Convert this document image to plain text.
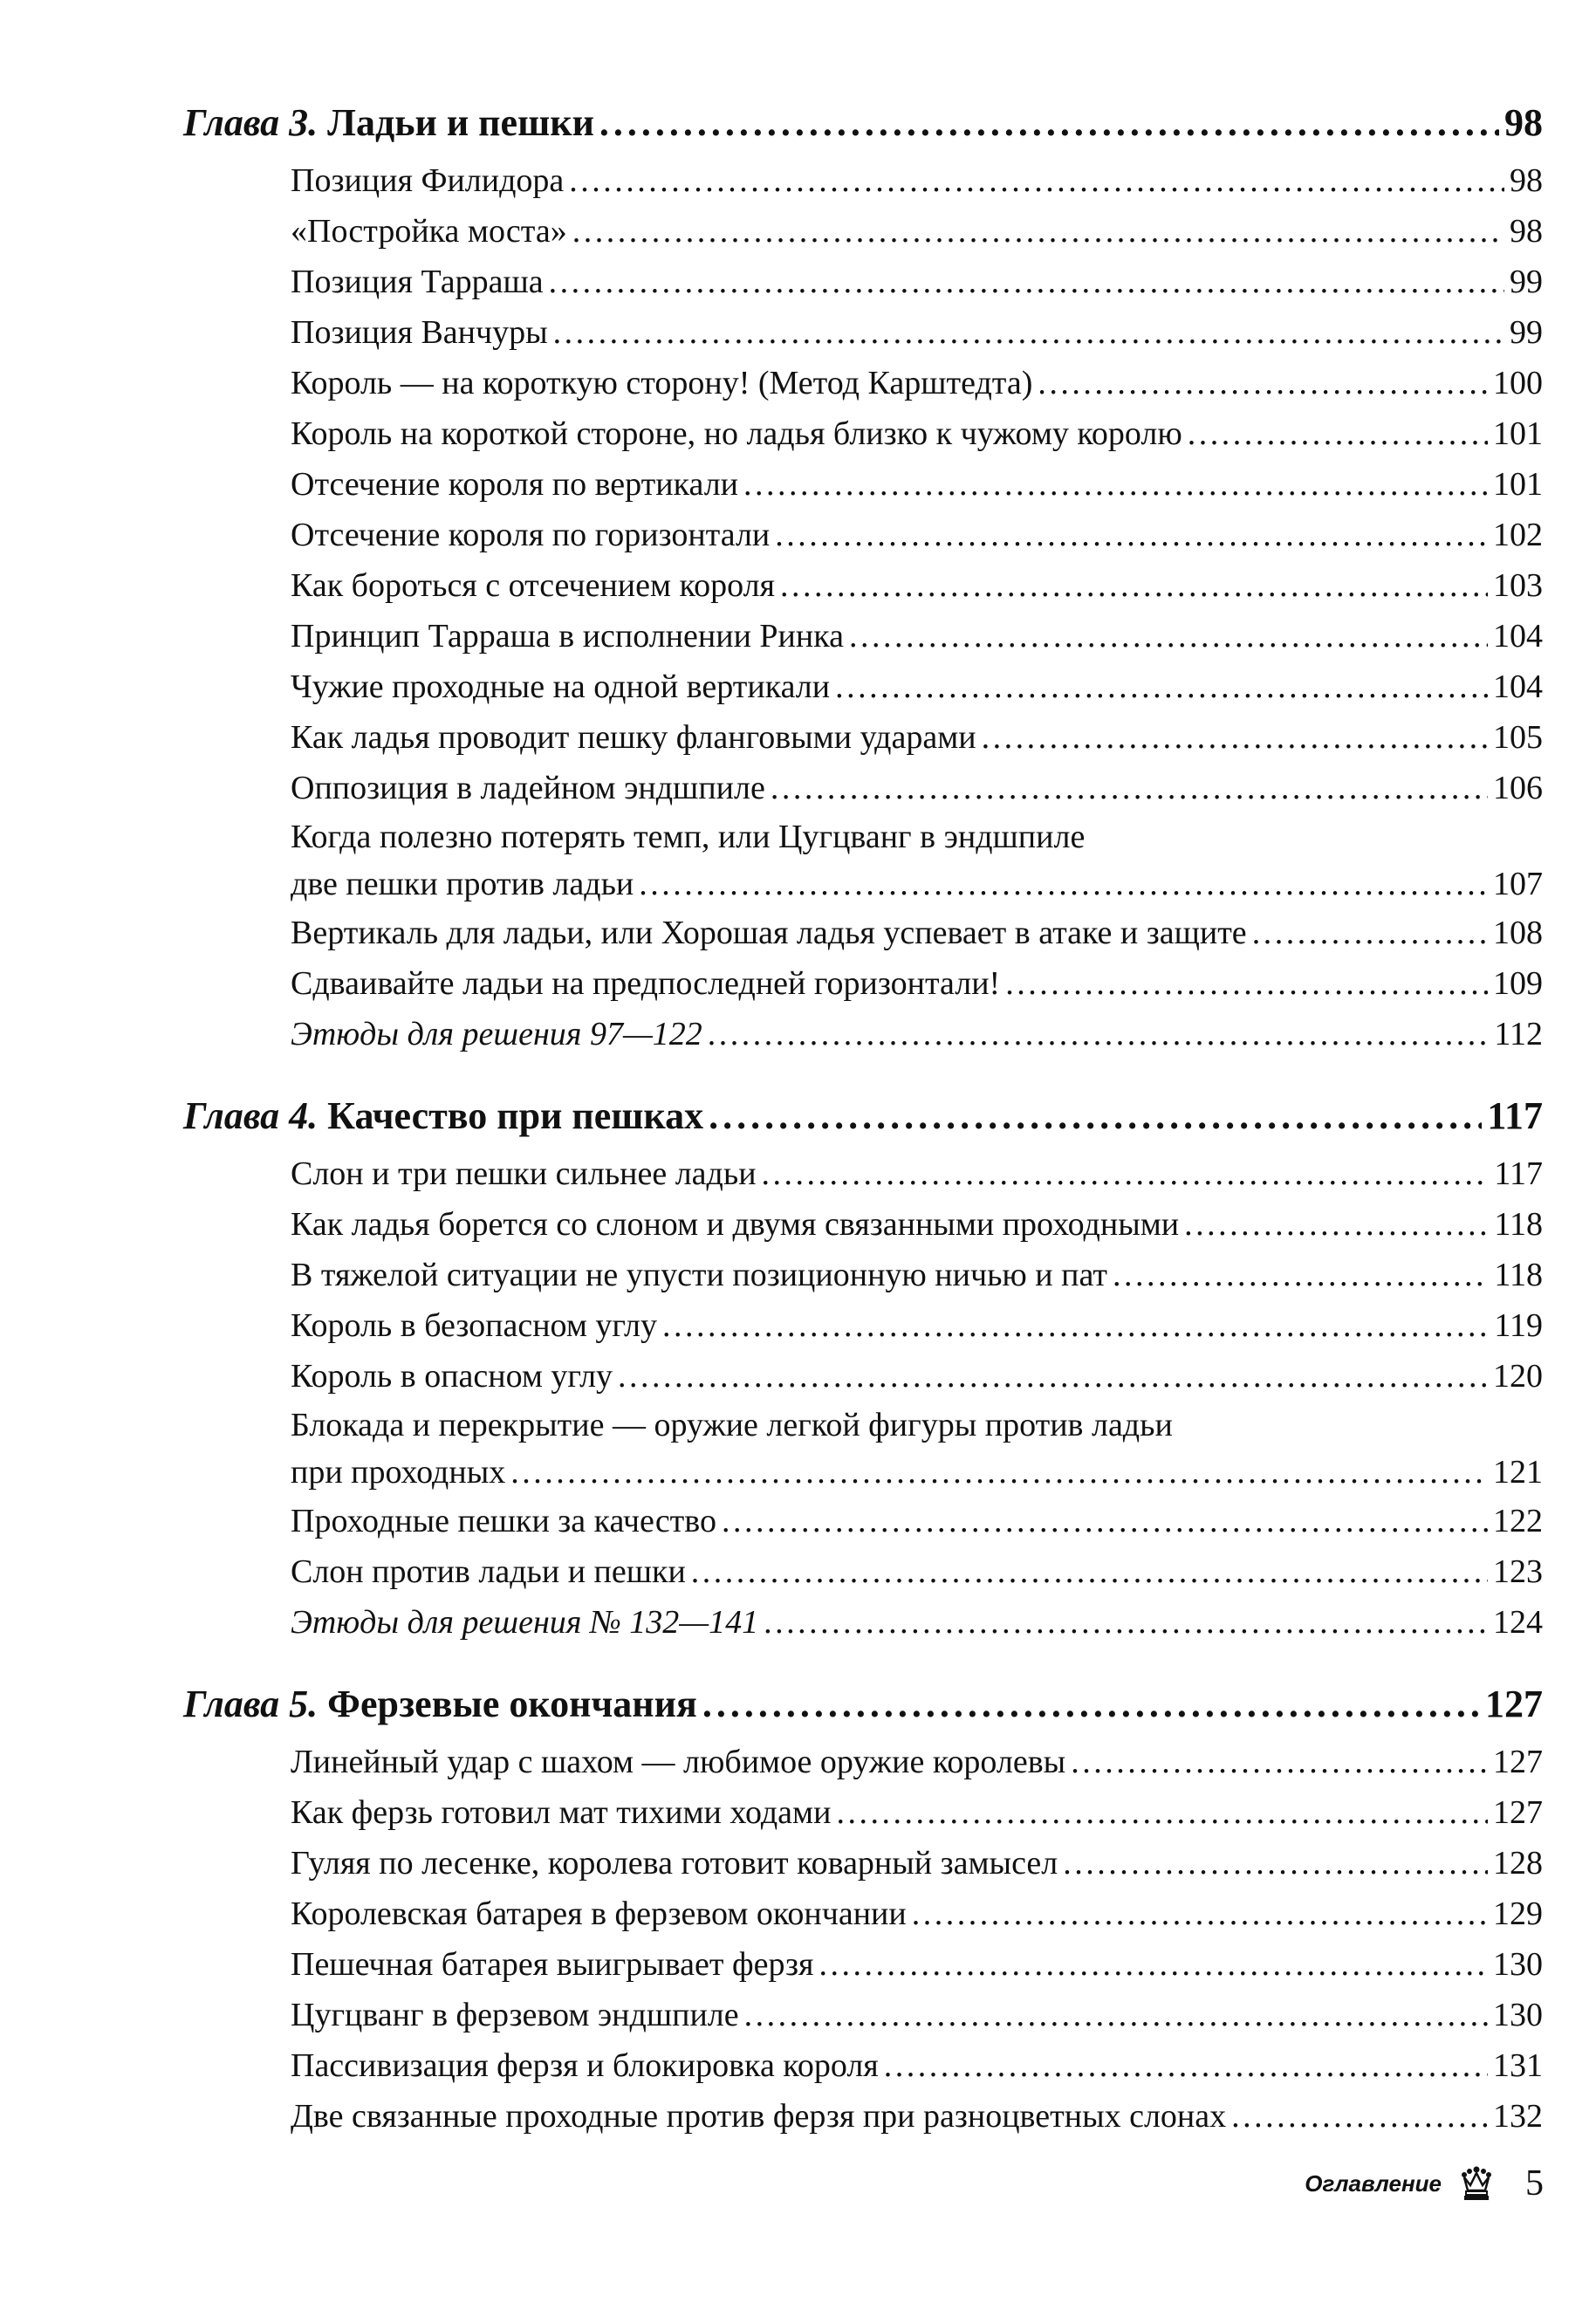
Глава 3. Ладьи и пешки . . .	98
Позиция Филидора . . .	98
«Постройка моста» . . .	98
Позиция Тарраша . . .	99
Позиция Ванчуры . . .	99
Король — на короткую сторону! (Метод Карштедта) . . .	100
Король на короткой стороне, но ладья близко к чужому королю . . .	101
Отсечение короля по вертикали . . .	101
Отсечение короля по горизонтали . . .	102
Как бороться с отсечением короля . . .	103
Принцип Тарраша в исполнении Ринка . . .	104
Чужие проходные на одной вертикали . . .	104
Как ладья проводит пешку фланговыми ударами . . .	105
Оппозиция в ладейном эндшпиле . . .	106
Когда полезно потерять темп, или Цугцванг в эндшпиле
две пешки против ладьи . . .	107
Вертикаль для ладьи, или Хорошая ладья успевает в атаке и защите . . .	108
Сдваивайте ладьи на предпоследней горизонтали! . . .	109
Этюды для решения 97—122 . . .	112
Глава 4. Качество при пешках . . .	117
Слон и три пешки сильнее ладьи . . .	117
Как ладья борется со слоном и двумя связанными проходными . . .	118
В тяжелой ситуации не упусти позиционную ничью и пат . . .	118
Король в безопасном углу . . .	119
Король в опасном углу . . .	120
Блокада и перекрытие — оружие легкой фигуры против ладьи
при проходных . . .	121
Проходные пешки за качество . . .	122
Слон против ладьи и пешки . . .	123
Этюды для решения № 132—141 . . .	124
Глава 5. Ферзевые окончания . . .	127
Линейный удар с шахом — любимое оружие королевы . . .	127
Как ферзь готовил мат тихими ходами . . .	127
Гуляя по лесенке, королева готовит коварный замысел . . .	128
Королевская батарея в ферзевом окончании . . .	129
Пешечная батарея выигрывает ферзя . . .	130
Цугцванг в ферзевом эндшпиле . . .	130
Пассивизация ферзя и блокировка короля . . .	131
Две связанные проходные против ферзя при разноцветных слонах . . .	132
Оглавление 5
